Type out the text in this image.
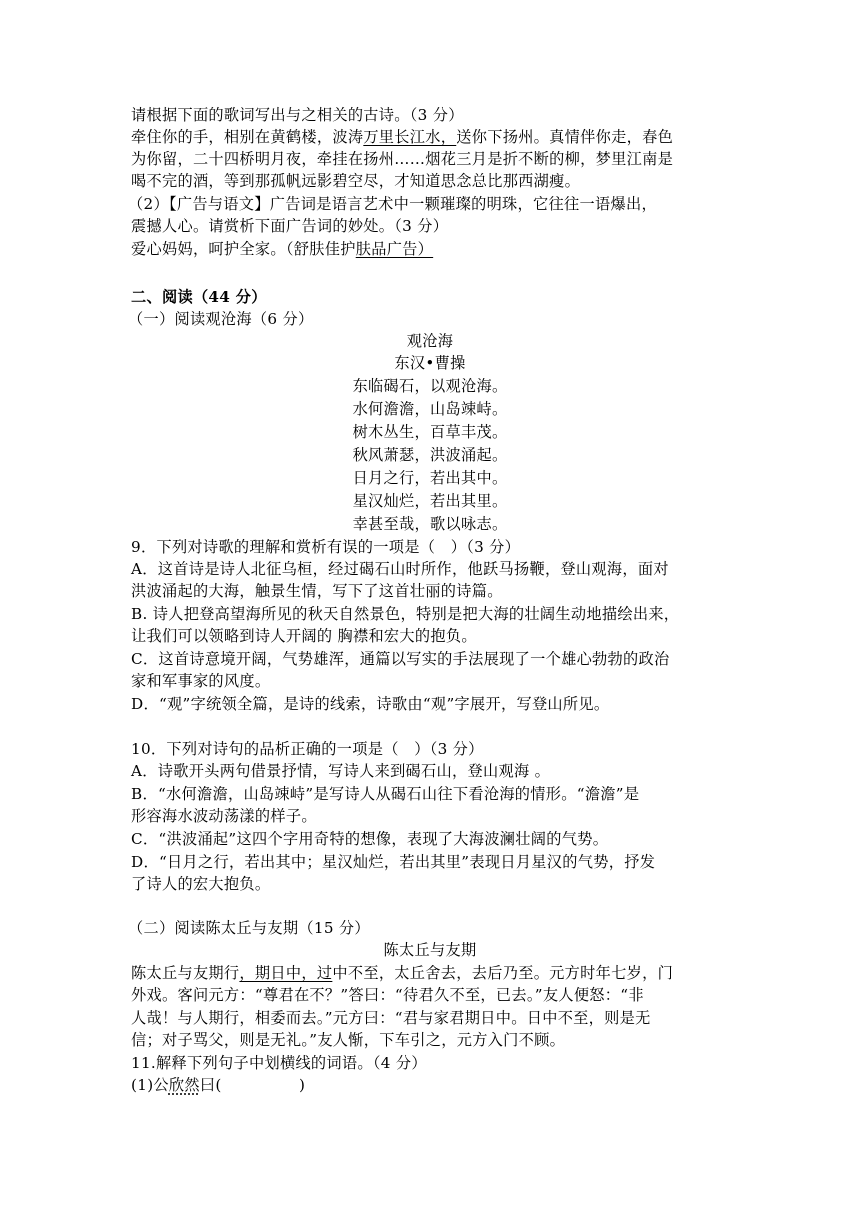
请根据下面的歌词写出与之相关的古诗。（3 分）
牵住你的手，相别在黄鹤楼，波涛万里长江水，送你下扬州。真情伴你走，春色
为你留，二十四桥明月夜，牵挂在扬州……烟花三月是折不断的柳，梦里江南是
喝不完的酒，等到那孤帆远影碧空尽，才知道思念总比那西湖瘦。
（2）【广告与语文】广告词是语言艺术中一颗璀璨的明珠，它往往一语爆出，
震撼人心。请赏析下面广告词的妙处。（3 分）
爱心妈妈，呵护全家。（舒肤佳护肤品广告）
二、阅读（44 分）
（一）阅读观沧海（6 分）
观沧海
东汉•曹操
东临碣石，以观沧海。
水何澹澹，山岛竦峙。
树木丛生，百草丰茂。
秋风萧瑟，洪波涌起。
日月之行，若出其中。
星汉灿烂，若出其里。
幸甚至哉，歌以咏志。
9．下列对诗歌的理解和赏析有误的一项是（　）（3 分）
A．这首诗是诗人北征乌桓，经过碣石山时所作，他跃马扬鞭，登山观海，面对
洪波涌起的大海，触景生情，写下了这首壮丽的诗篇。
B. 诗人把登高望海所见的秋天自然景色，特别是把大海的壮阔生动地描绘出来，
让我们可以领略到诗人开阔的 胸襟和宏大的抱负。
C．这首诗意境开阔，气势雄浑，通篇以写实的手法展现了一个雄心勃勃的政治
家和军事家的风度。
D．“观”字统领全篇，是诗的线索，诗歌由“观”字展开，写登山所见。
10．下列对诗句的品析正确的一项是（　）（3 分）
A．诗歌开头两句借景抒情，写诗人来到碣石山，登山观海 。
B．“水何澹澹，山岛竦峙”是写诗人从碣石山往下看沧海的情形。“澹澹”是
形容海水波动荡漾的样子。
C．“洪波涌起”这四个字用奇特的想像，表现了大海波澜壮阔的气势。
D．“日月之行，若出其中；星汉灿烂，若出其里”表现日月星汉的气势，抒发
了诗人的宏大抱负。
（二）阅读陈太丘与友期（15 分）
陈太丘与友期
陈太丘与友期行，期日中，过中不至，太丘舍去，去后乃至。元方时年七岁，门
外戏。客问元方：“尊君在不？”答曰：“待君久不至，已去。”友人便怒：“非
人哉！与人期行，相委而去。”元方曰：“君与家君期日中。日中不至，则是无
信；对子骂父，则是无礼。”友人惭，下车引之，元方入门不顾。
11.解释下列句子中划横线的词语。（4 分）
(1)公欣然曰(　　　　　)
